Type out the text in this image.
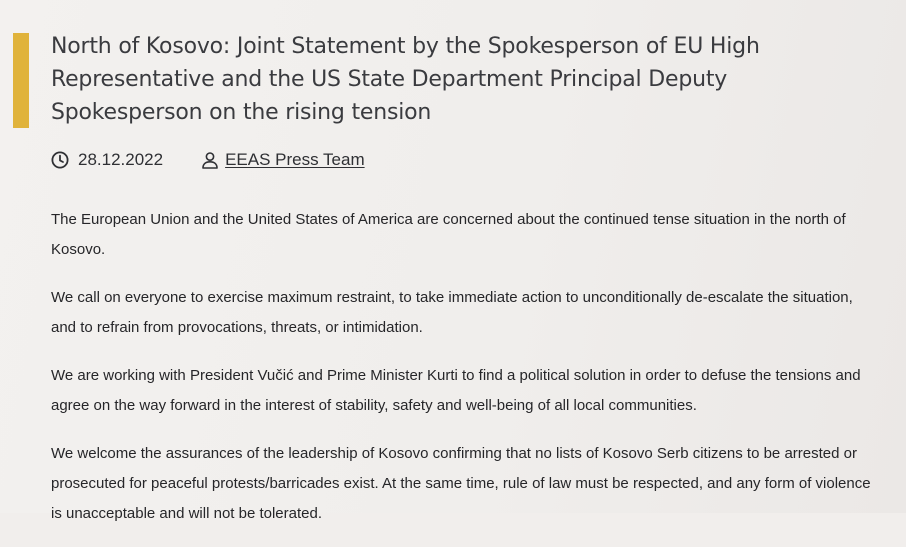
North of Kosovo: Joint Statement by the Spokesperson of EU High Representative and the US State Department Principal Deputy Spokesperson on the rising tension
28.12.2022	EEAS Press Team

The European Union and the United States of America are concerned about the continued tense situation in the north of Kosovo.

We call on everyone to exercise maximum restraint, to take immediate action to unconditionally de-escalate the situation, and to refrain from provocations, threats, or intimidation.

We are working with President Vučić and Prime Minister Kurti to find a political solution in order to defuse the tensions and agree on the way forward in the interest of stability, safety and well-being of all local communities.

We welcome the assurances of the leadership of Kosovo confirming that no lists of Kosovo Serb citizens to be arrested or prosecuted for peaceful protests/barricades exist. At the same time, rule of law must be respected, and any form of violence is unacceptable and will not be tolerated.
